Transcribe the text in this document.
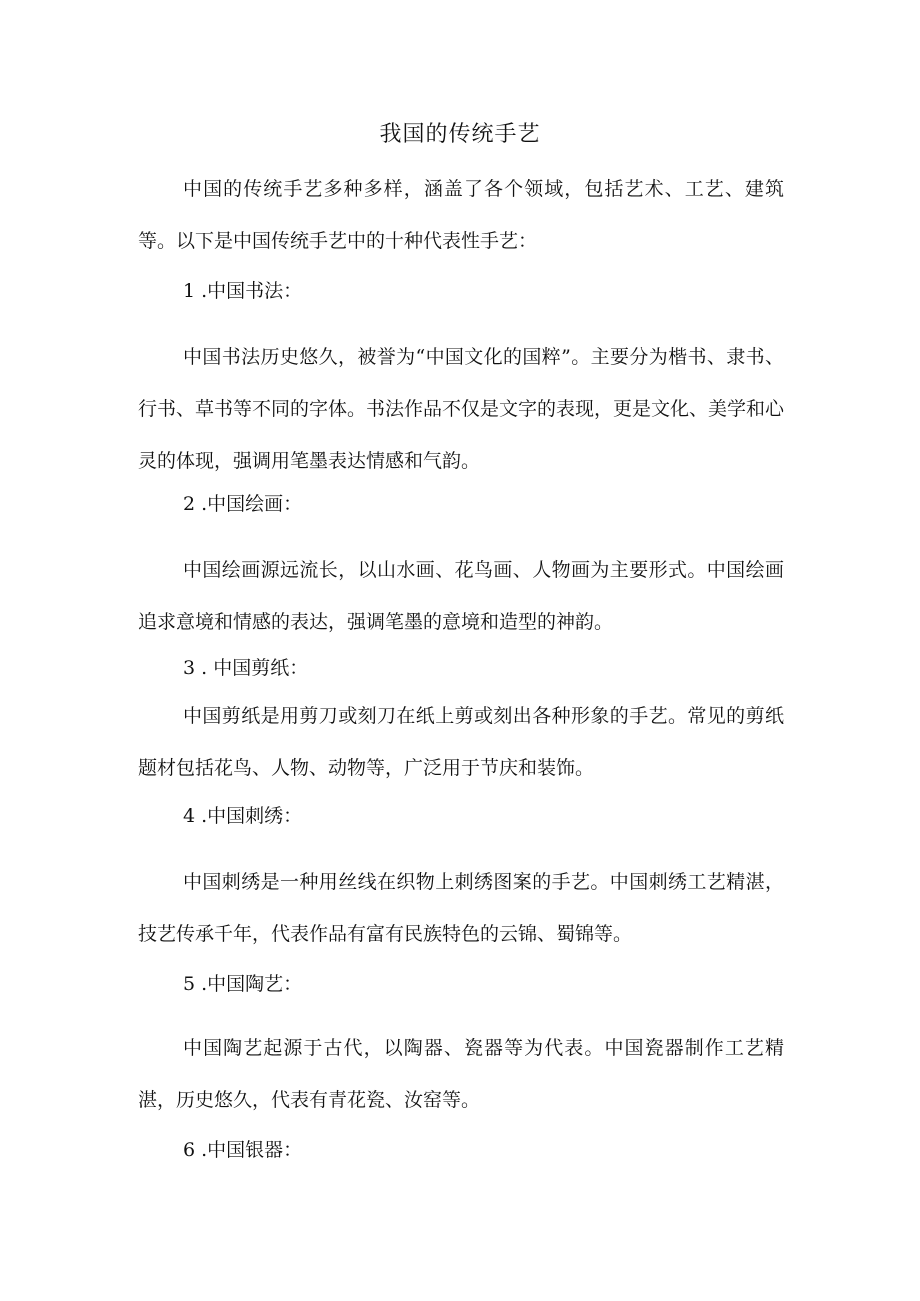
我国的传统手艺

中国的传统手艺多种多样，涵盖了各个领域，包括艺术、工艺、建筑等。以下是中国传统手艺中的十种代表性手艺：

1 .中国书法：

中国书法历史悠久，被誉为“中国文化的国粹”。主要分为楷书、隶书、行书、草书等不同的字体。书法作品不仅是文字的表现，更是文化、美学和心灵的体现，强调用笔墨表达情感和气韵。

2 .中国绘画：

中国绘画源远流长，以山水画、花鸟画、人物画为主要形式。中国绘画追求意境和情感的表达，强调笔墨的意境和造型的神韵。

3 . 中国剪纸：

中国剪纸是用剪刀或刻刀在纸上剪或刻出各种形象的手艺。常见的剪纸题材包括花鸟、人物、动物等，广泛用于节庆和装饰。

4 .中国刺绣：

中国刺绣是一种用丝线在织物上刺绣图案的手艺。中国刺绣工艺精湛，技艺传承千年，代表作品有富有民族特色的云锦、蜀锦等。

5 .中国陶艺：

中国陶艺起源于古代，以陶器、瓷器等为代表。中国瓷器制作工艺精湛，历史悠久，代表有青花瓷、汝窑等。

6 .中国银器：
